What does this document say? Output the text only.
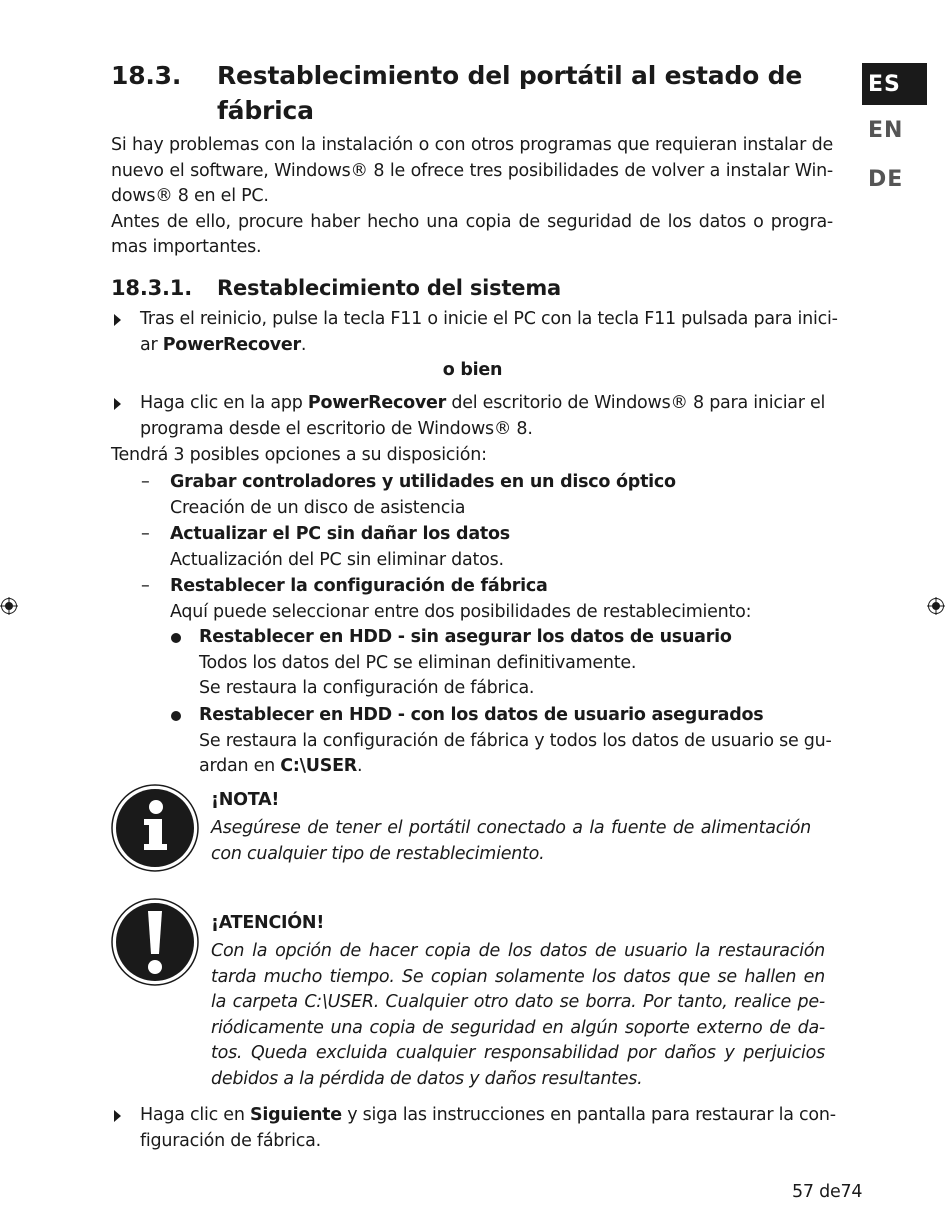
ES
EN
DE
18.3. Restablecimiento del portátil al estado de
fábrica
Si hay problemas con la instalación o con otros programas que requieran instalar de
nuevo el software, Windows® 8 le ofrece tres posibilidades de volver a instalar Win-
dows® 8 en el PC.
Antes de ello, procure haber hecho una copia de seguridad de los datos o progra-
mas importantes.
18.3.1. Restablecimiento del sistema
Tras el reinicio, pulse la tecla F11 o inicie el PC con la tecla F11 pulsada para inici-
ar PowerRecover.
o bien
Haga clic en la app PowerRecover del escritorio de Windows® 8 para iniciar el
programa desde el escritorio de Windows® 8.
Tendrá 3 posibles opciones a su disposición:
– Grabar controladores y utilidades en un disco óptico
Creación de un disco de asistencia
– Actualizar el PC sin dañar los datos
Actualización del PC sin eliminar datos.
– Restablecer la configuración de fábrica
Aquí puede seleccionar entre dos posibilidades de restablecimiento:
Restablecer en HDD - sin asegurar los datos de usuario
Todos los datos del PC se eliminan definitivamente.
Se restaura la configuración de fábrica.
Restablecer en HDD - con los datos de usuario asegurados
Se restaura la configuración de fábrica y todos los datos de usuario se gu-
ardan en C:\USER.
¡NOTA!
Asegúrese de tener el portátil conectado a la fuente de alimentación
con cualquier tipo de restablecimiento.
¡ATENCIÓN!
Con la opción de hacer copia de los datos de usuario la restauración
tarda mucho tiempo. Se copian solamente los datos que se hallen en
la carpeta C:\USER. Cualquier otro dato se borra. Por tanto, realice pe-
riódicamente una copia de seguridad en algún soporte externo de da-
tos. Queda excluida cualquier responsabilidad por daños y perjuicios
debidos a la pérdida de datos y daños resultantes.
Haga clic en Siguiente y siga las instrucciones en pantalla para restaurar la con-
figuración de fábrica.
57 de74
